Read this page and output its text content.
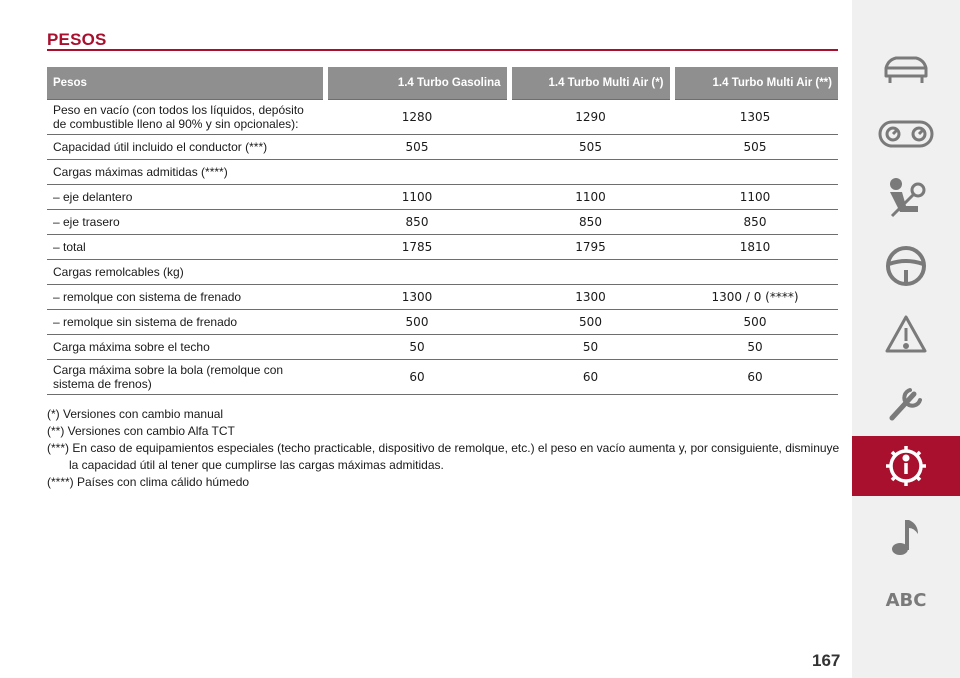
PESOS
Pesos	1.4 Turbo Gasolina	1.4 Turbo Multi Air (*)	1.4 Turbo Multi Air (**)
Peso en vacío (con todos los líquidos, depósito de combustible lleno al 90% y sin opcionales):	1280	1290	1305
Capacidad útil incluido el conductor (***)	505	505	505
Cargas máximas admitidas (****)			
– eje delantero	1100	1100	1100
– eje trasero	850	850	850
– total	1785	1795	1810
Cargas remolcables (kg)			
– remolque con sistema de frenado	1300	1300	1300 / 0 (****)
– remolque sin sistema de frenado	500	500	500
Carga máxima sobre el techo	50	50	50
Carga máxima sobre la bola (remolque con sistema de frenos)	60	60	60

(*) Versiones con cambio manual

(**) Versiones con cambio Alfa TCT

(***) En caso de equipamientos especiales (techo practicable, dispositivo de remolque, etc.) el peso en vacío aumenta y, por consiguiente, disminuye la capacidad útil al tener que cumplirse las cargas máximas admitidas.

(****) Países con clima cálido húmedo

ABC
167
